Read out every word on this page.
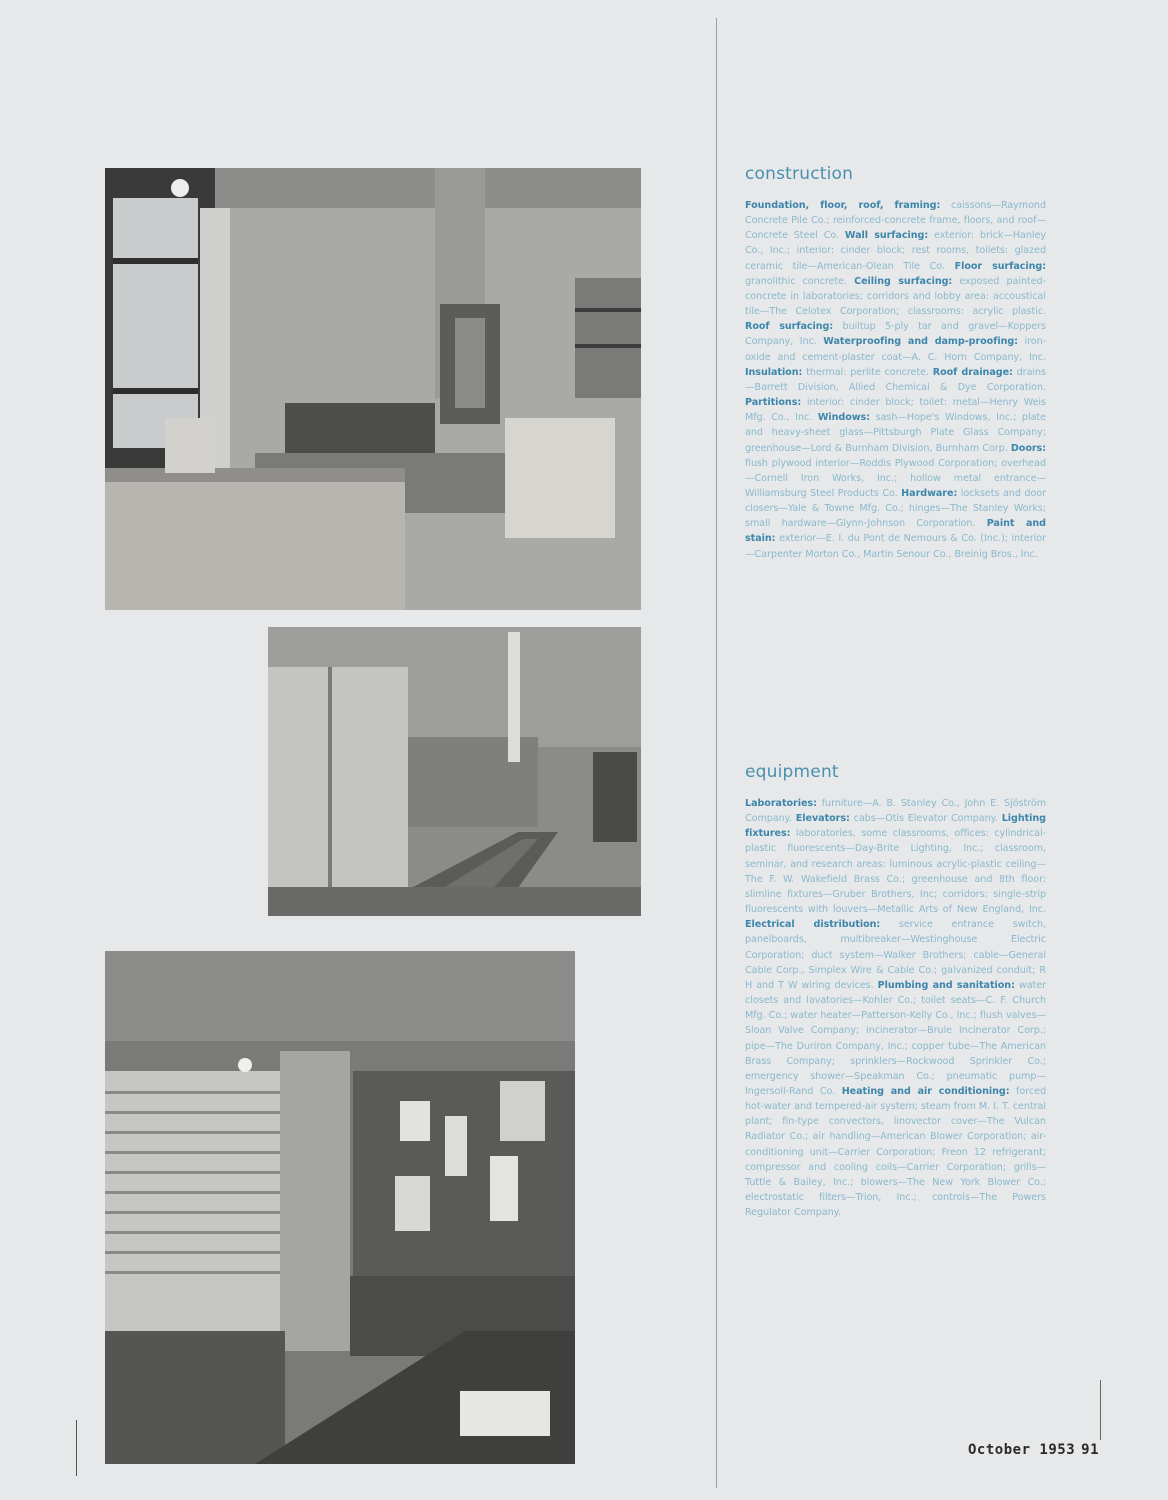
construction

Foundation, floor, roof, framing: caissons—Raymond Concrete Pile Co.; reinforced-concrete frame, floors, and roof—Concrete Steel Co. Wall surfacing: exterior: brick—Hanley Co., Inc.; interior: cinder block; rest rooms, toilets: glazed ceramic tile—American-Olean Tile Co. Floor surfacing: granolithic concrete. Ceiling surfacing: exposed painted-concrete in laboratories; corridors and lobby area: accoustical tile—The Celotex Corporation; classrooms: acrylic plastic. Roof surfacing: builtup 5-ply tar and gravel—Koppers Company, Inc. Waterproofing and damp-proofing: iron-oxide and cement-plaster coat—A. C. Horn Company, Inc. Insulation: thermal: perlite concrete. Roof drainage: drains—Barrett Division, Allied Chemical & Dye Corporation. Partitions: interior: cinder block; toilet: metal—Henry Weis Mfg. Co., Inc. Windows: sash—Hope's Windows, Inc.; plate and heavy-sheet glass—Pittsburgh Plate Glass Company; greenhouse—Lord & Burnham Division, Burnham Corp. Doors: flush plywood interior—Roddis Plywood Corporation; overhead—Cornell Iron Works, Inc.; hollow metal entrance—Williamsburg Steel Products Co. Hardware: locksets and door closers—Yale & Towne Mfg. Co.; hinges—The Stanley Works; small hardware—Glynn-Johnson Corporation. Paint and stain: exterior—E. I. du Pont de Nemours & Co. (Inc.); interior—Carpenter Morton Co., Martin Senour Co., Breinig Bros., Inc.

equipment

Laboratories: furniture—A. B. Stanley Co., John E. Sjöström Company. Elevators: cabs—Otis Elevator Company. Lighting fixtures: laboratories, some classrooms, offices: cylindrical-plastic fluorescents—Day-Brite Lighting, Inc.; classroom, seminar, and research areas: luminous acrylic-plastic ceiling—The F. W. Wakefield Brass Co.; greenhouse and 8th floor: slimline fixtures—Gruber Brothers, Inc; corridors: single-strip fluorescents with louvers—Metallic Arts of New England, Inc. Electrical distribution: service entrance switch, panelboards, multibreaker—Westinghouse Electric Corporation; duct system—Walker Brothers; cable—General Cable Corp., Simplex Wire & Cable Co.; galvanized conduit; R H and T W wiring devices. Plumbing and sanitation: water closets and lavatories—Kohler Co.; toilet seats—C. F. Church Mfg. Co.; water heater—Patterson-Kelly Co., Inc.; flush valves—Sloan Valve Company; incinerator—Brule Incinerator Corp.; pipe—The Duriron Company, Inc.; copper tube—The American Brass Company; sprinklers—Rockwood Sprinkler Co.; emergency shower—Speakman Co.; pneumatic pump—Ingersoll-Rand Co. Heating and air conditioning: forced hot-water and tempered-air system; steam from M. I. T. central plant; fin-type convectors, linovector cover—The Vulcan Radiator Co.; air handling—American Blower Corporation; air-conditioning unit—Carrier Corporation; Freon 12 refrigerant; compressor and cooling coils—Carrier Corporation; grills—Tuttle & Bailey, Inc.; blowers—The New York Blower Co.; electrostatic filters—Trion, Inc.; controls—The Powers Regulator Company.

October 1953 91
